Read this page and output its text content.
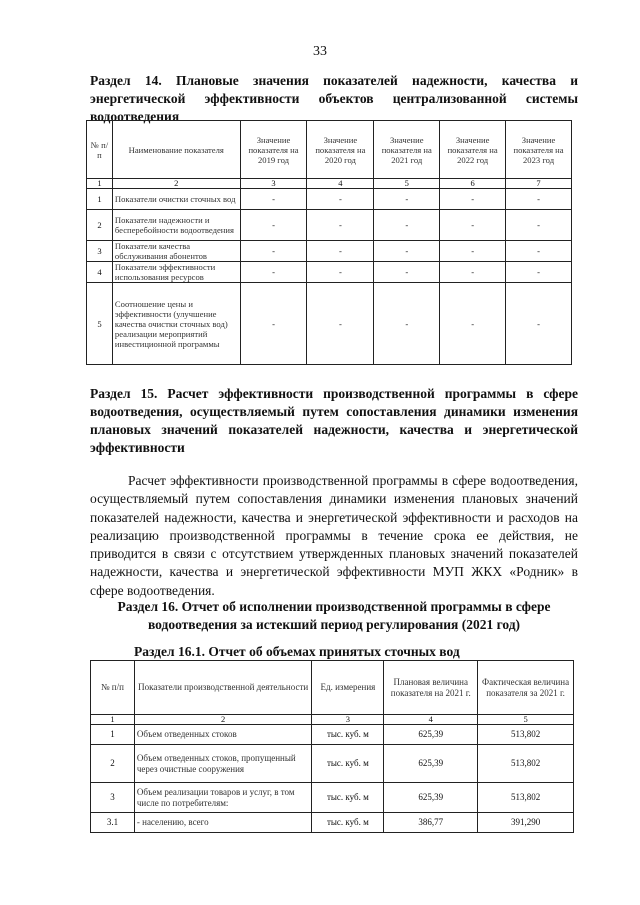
33
Раздел 14. Плановые значения показателей надежности, качества и энергетической эффективности объектов централизованной системы водоотведения
№ п/п	Наименование показателя	Значение показателя на 2019 год	Значение показателя на 2020 год	Значение показателя на 2021 год	Значение показателя на 2022 год	Значение показателя на 2023 год
1	2	3	4	5	6	7
1	Показатели очистки сточных вод	-	-	-	-	-
2	Показатели надежности и бесперебойности водоотведения	-	-	-	-	-
3	Показатели качества обслуживания абонентов	-	-	-	-	-
4	Показатели эффективности использования ресурсов	-	-	-	-	-
5	Соотношение цены и эффективности (улучшение качества очистки сточных вод) реализации мероприятий инвестиционной программы	-	-	-	-	-
Раздел 15. Расчет эффективности производственной программы в сфере водоотведения, осуществляемый путем сопоставления динамики изменения плановых значений показателей надежности, качества и энергетической эффективности
Расчет эффективности производственной программы в сфере водоотведения, осуществляемый путем сопоставления динамики изменения плановых значений показателей надежности, качества и энергетической эффективности и расходов на реализацию производственной программы в течение срока ее действия, не приводится в связи с отсутствием утвержденных плановых значений показателей надежности, качества и энергетической эффективности МУП ЖКХ «Родник» в сфере водоотведения.
Раздел 16. Отчет об исполнении производственной программы в сфере водоотведения за истекший период регулирования (2021 год)
Раздел 16.1. Отчет об объемах принятых сточных вод
№ п/п	Показатели производственной деятельности	Ед. измерения	Плановая величина показателя на 2021 г.	Фактическая величина показателя за 2021 г.
1	2	3	4	5
1	Объем отведенных стоков	тыс. куб. м	625,39	513,802
2	Объем отведенных стоков, пропущенный через очистные сооружения	тыс. куб. м	625,39	513,802
3	Объем реализации товаров и услуг, в том числе по потребителям:	тыс. куб. м	625,39	513,802
3.1	- населению, всего	тыс. куб. м	386,77	391,290
